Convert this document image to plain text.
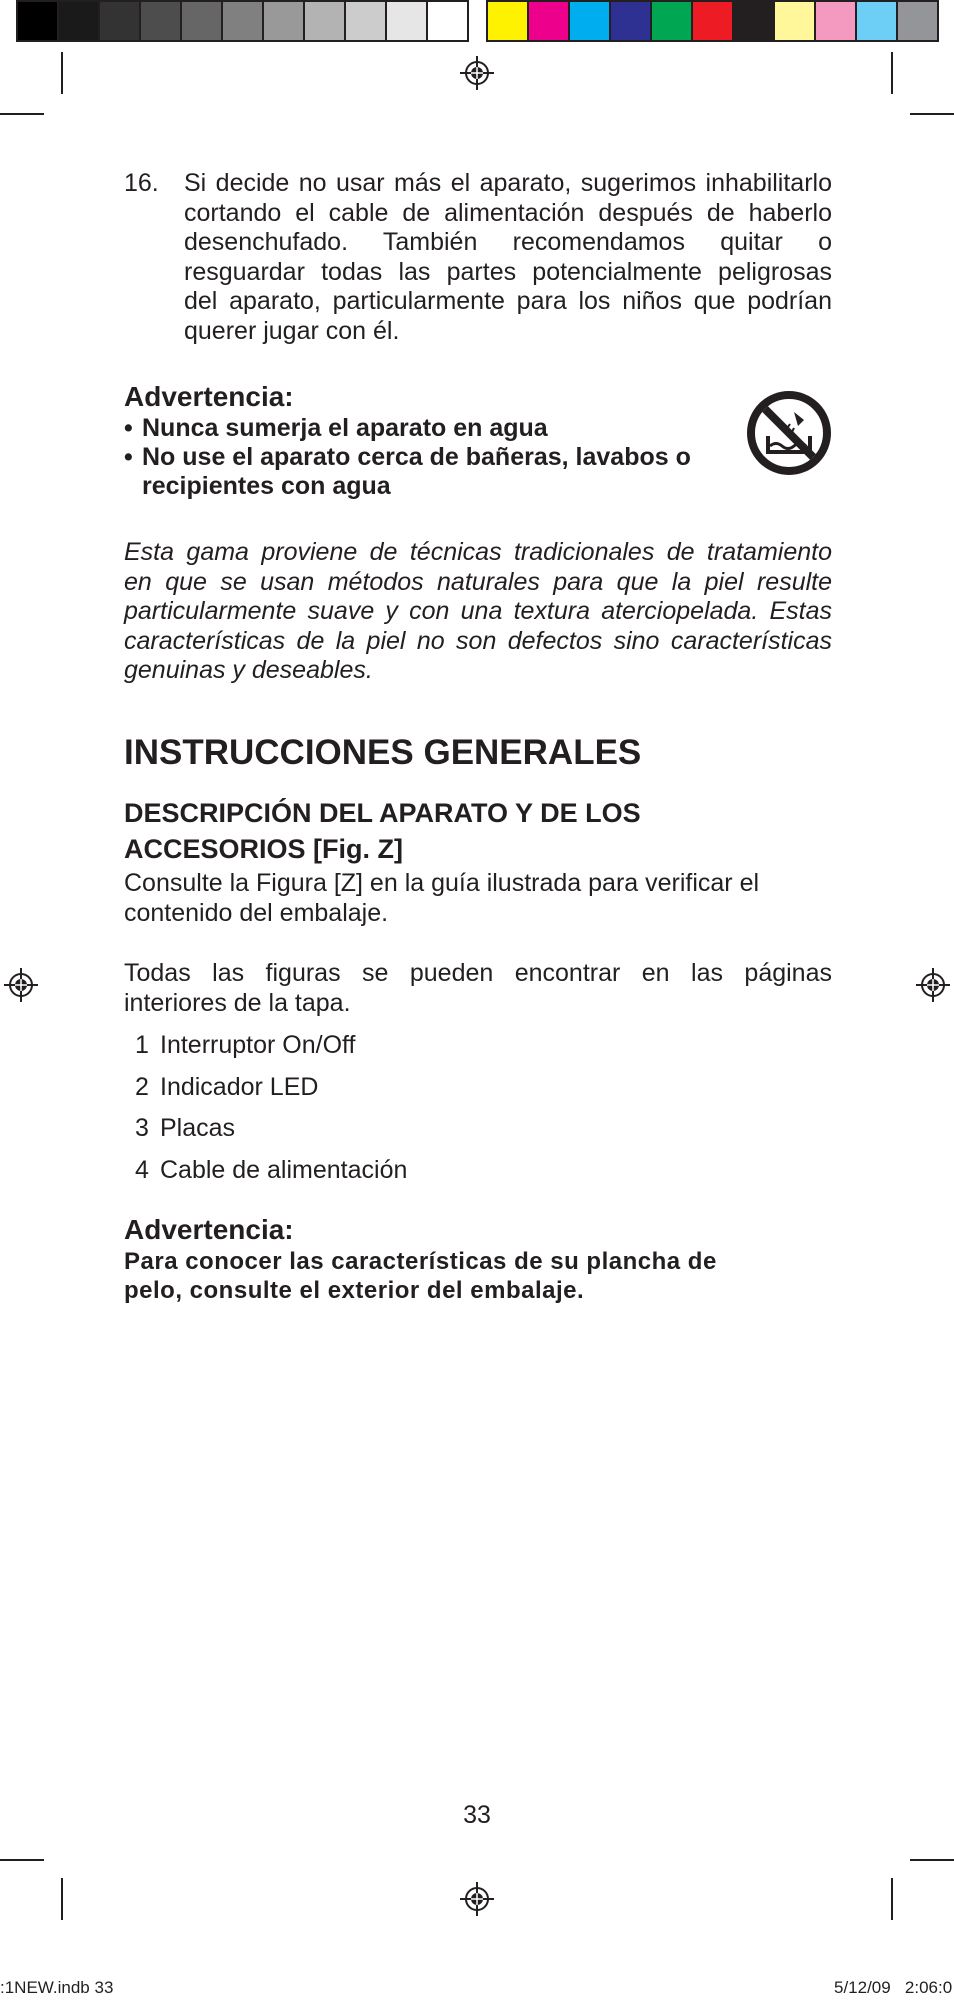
16.	Si decide no usar más el aparato, sugerimos inhabilitarlo
cortando el cable de alimentación después de haberlo
desenchufado. También recomendamos quitar o
resguardar todas las partes potencialmente peligrosas
del aparato, particularmente para los niños que podrían
querer jugar con él.
Advertencia:
• Nunca sumerja el aparato en agua
• No use el aparato cerca de bañeras, lavabos o recipientes con agua
Esta gama proviene de técnicas tradicionales de tratamiento
en que se usan métodos naturales para que la piel resulte
particularmente suave y con una textura aterciopelada. Estas
características de la piel no son defectos sino características
genuinas y deseables.
INSTRUCCIONES GENERALES
DESCRIPCIÓN DEL APARATO Y DE LOS
ACCESORIOS [Fig. Z]
Consulte la Figura [Z] en la guía ilustrada para verificar el
contenido del embalaje.
Todas las figuras se pueden encontrar en las páginas
interiores de la tapa.
1 Interruptor On/Off
2 Indicador LED
3 Placas
4 Cable de alimentación
Advertencia:
Para conocer las características de su plancha de
pelo, consulte el exterior del embalaje.
33
:1NEW.indb 33	5/12/09   2:06:0
